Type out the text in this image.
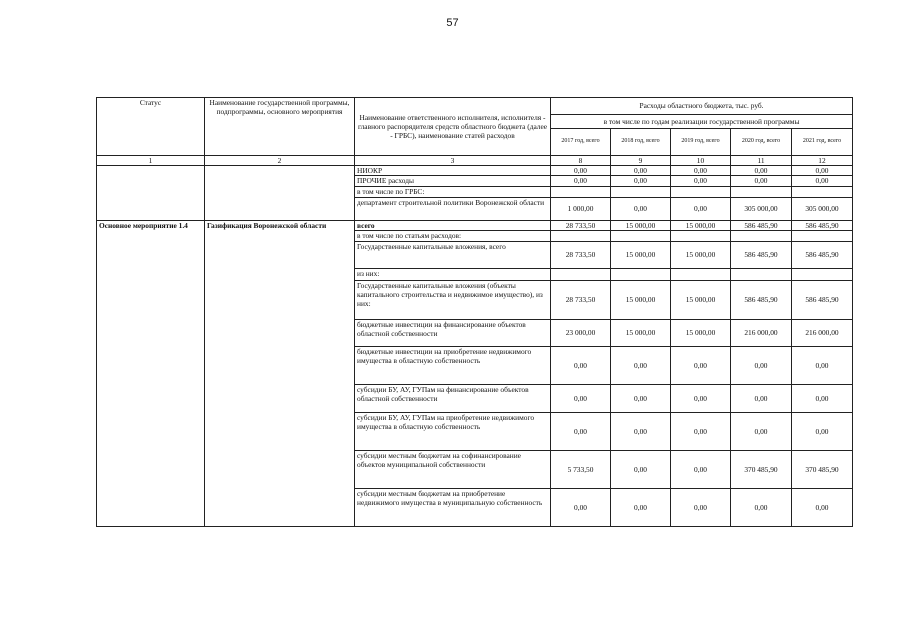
57
Статус	Наименование государственной программы, подпрограммы, основного мероприятия	Наименование ответственного исполнителя, исполнителя - главного распорядителя средств областного бюджета (далее - ГРБС), наименование статей расходов	Расходы областного бюджета, тыс. руб.				
			в том числе по годам реализации государственной программы				
			2017 год, всего	2018 год, всего	2019 год, всего	2020 год, всего	2021 год, всего
1	2	3	8	9	10	11	12
		НИОКР	0,00	0,00	0,00	0,00	0,00
		ПРОЧИЕ расходы	0,00	0,00	0,00	0,00	0,00
		в том числе по ГРБС:					
		департамент строительной политики Воронежской области	1 000,00	0,00	0,00	305 000,00	305 000,00
Основное мероприятие 1.4	Газификация Воронежской области	всего	28 733,50	15 000,00	15 000,00	586 485,90	586 485,90
		в том числе по статьям расходов:					
		Государственные капитальные вложения, всего	28 733,50	15 000,00	15 000,00	586 485,90	586 485,90
		из них:					
		Государственные капитальные вложения (объекты капитального строительства и недвижимое имущество), из них:	28 733,50	15 000,00	15 000,00	586 485,90	586 485,90
		бюджетные инвестиции на финансирование объектов областной собственности	23 000,00	15 000,00	15 000,00	216 000,00	216 000,00
		бюджетные инвестиции на приобретение недвижимого имущества в областную собственность	0,00	0,00	0,00	0,00	0,00
		субсидии БУ, АУ, ГУПам на финансирование объектов областной собственности	0,00	0,00	0,00	0,00	0,00
		субсидии БУ, АУ, ГУПам на приобретение недвижимого имущества в областную собственность	0,00	0,00	0,00	0,00	0,00
		субсидии местным бюджетам на софинансирование объектов муниципальной собственности	5 733,50	0,00	0,00	370 485,90	370 485,90
		субсидии местным бюджетам на приобретение недвижимого имущества в муниципальную собственность	0,00	0,00	0,00	0,00	0,00
